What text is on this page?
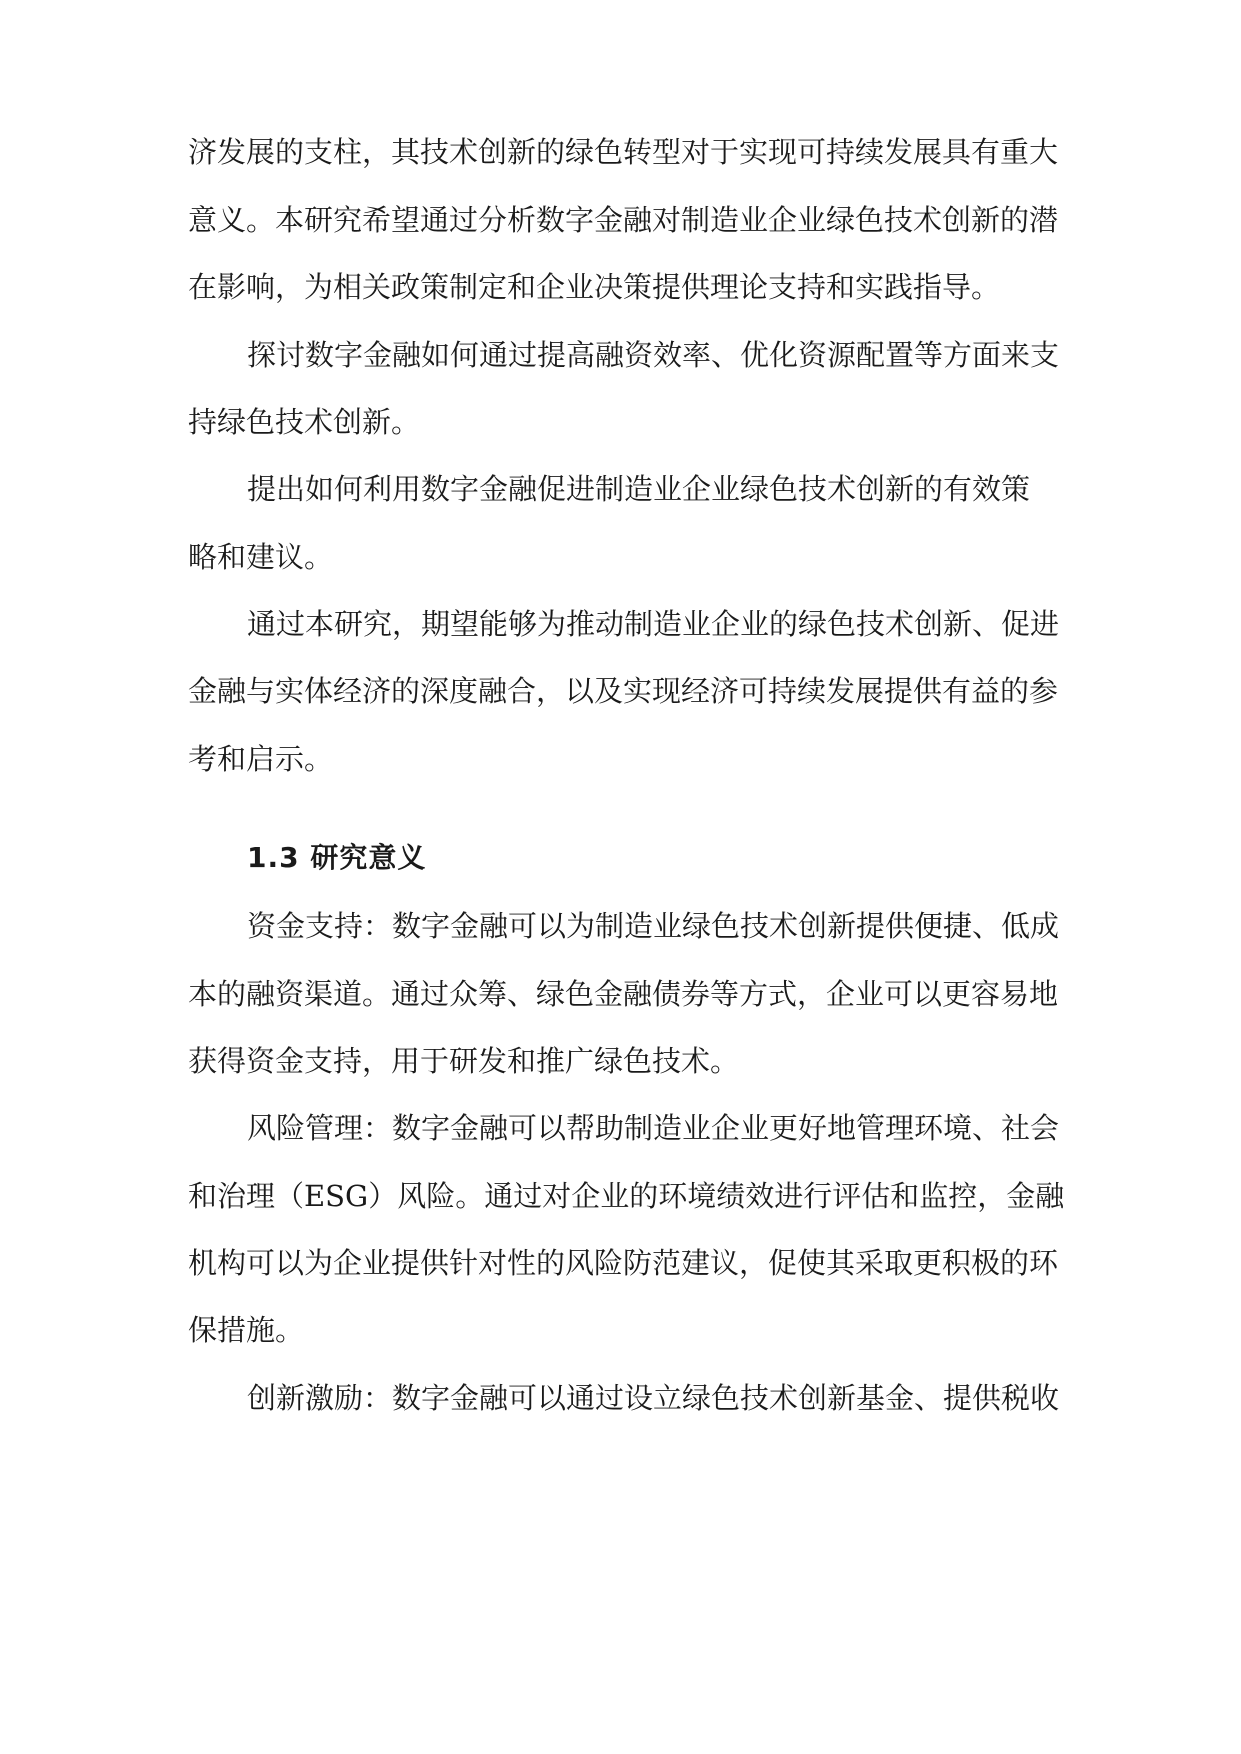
济发展的支柱，其技术创新的绿色转型对于实现可持续发展具有重大
意义。本研究希望通过分析数字金融对制造业企业绿色技术创新的潜
在影响，为相关政策制定和企业决策提供理论支持和实践指导。
探讨数字金融如何通过提高融资效率、优化资源配置等方面来支
持绿色技术创新。
提出如何利用数字金融促进制造业企业绿色技术创新的有效策
略和建议。
通过本研究，期望能够为推动制造业企业的绿色技术创新、促进
金融与实体经济的深度融合，以及实现经济可持续发展提供有益的参
考和启示。
1.3 研究意义
资金支持：数字金融可以为制造业绿色技术创新提供便捷、低成
本的融资渠道。通过众筹、绿色金融债券等方式，企业可以更容易地
获得资金支持，用于研发和推广绿色技术。
风险管理：数字金融可以帮助制造业企业更好地管理环境、社会
和治理（ESG）风险。通过对企业的环境绩效进行评估和监控，金融
机构可以为企业提供针对性的风险防范建议，促使其采取更积极的环
保措施。
创新激励：数字金融可以通过设立绿色技术创新基金、提供税收
